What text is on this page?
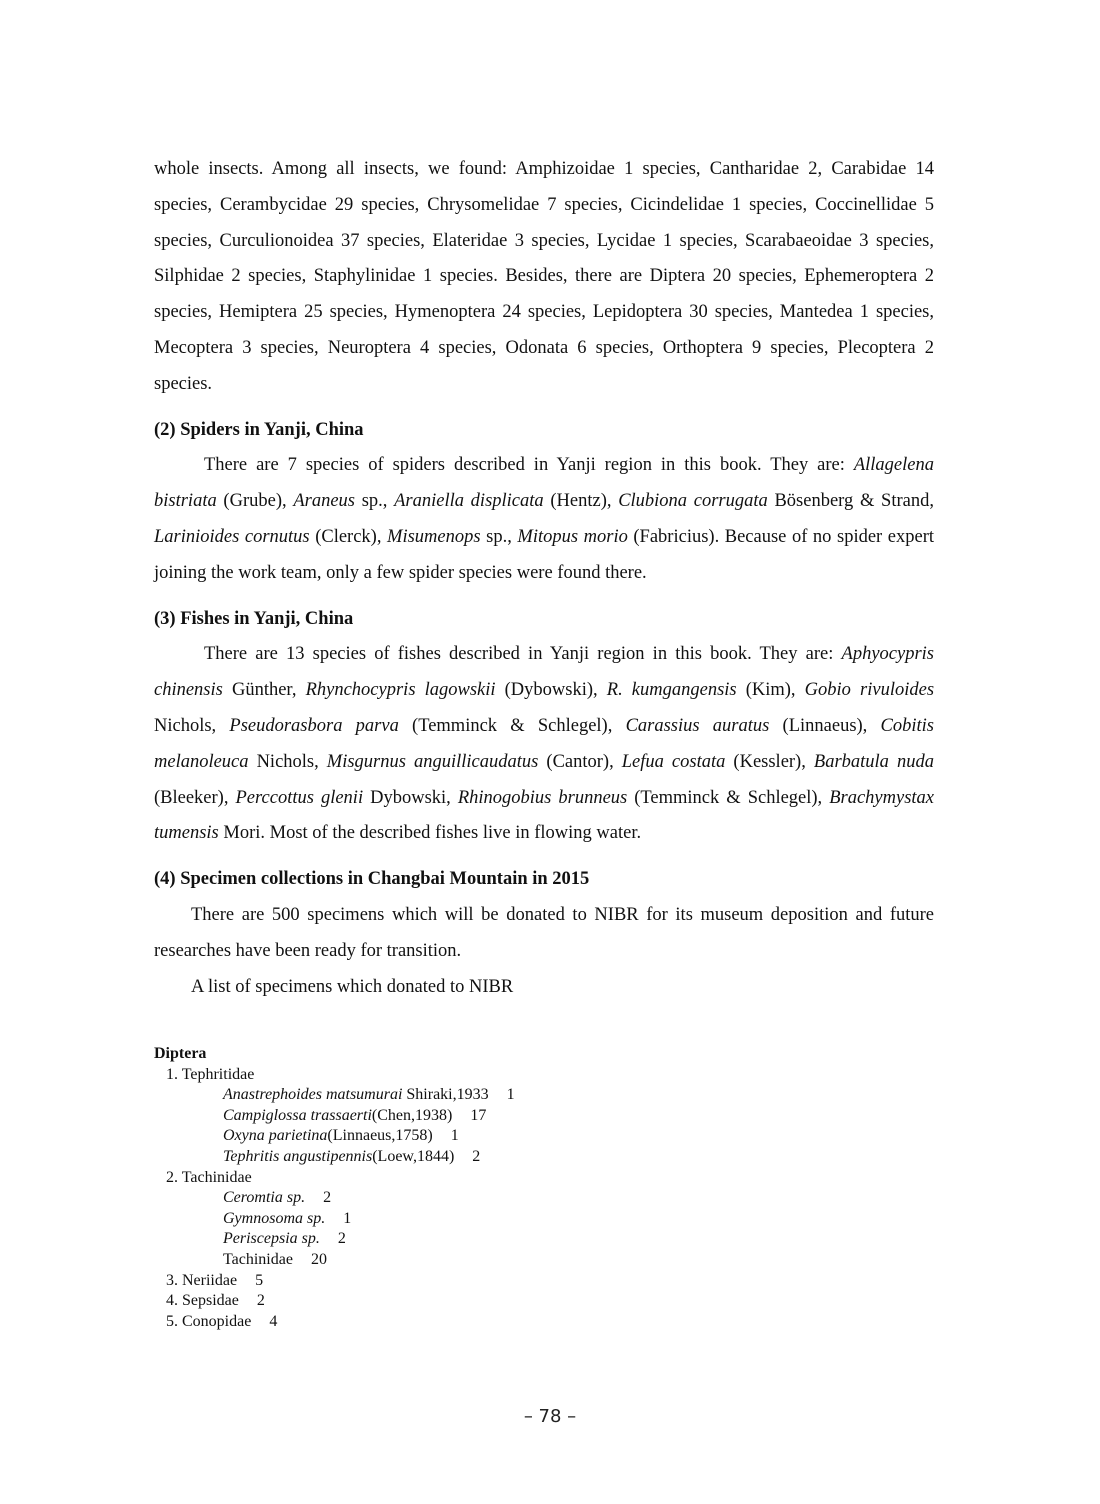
whole insects. Among all insects, we found: Amphizoidae 1 species, Cantharidae 2, Carabidae 14 species, Cerambycidae 29 species, Chrysomelidae 7 species, Cicindelidae 1 species, Coccinellidae 5 species, Curculionoidea 37 species, Elateridae 3 species, Lycidae 1 species, Scarabaeoidae 3 species, Silphidae 2 species, Staphylinidae 1 species. Besides, there are Diptera 20 species, Ephemeroptera 2 species, Hemiptera 25 species, Hymenoptera 24 species, Lepidoptera 30 species, Mantedea 1 species, Mecoptera 3 species, Neuroptera 4 species, Odonata 6 species, Orthoptera 9 species, Plecoptera 2 species.

(2) Spiders in Yanji, China

There are 7 species of spiders described in Yanji region in this book. They are: Allagelena bistriata (Grube), Araneus sp., Araniella displicata (Hentz), Clubiona corrugata Bösenberg & Strand, Larinioides cornutus (Clerck), Misumenops sp., Mitopus morio (Fabricius). Because of no spider expert joining the work team, only a few spider species were found there.

(3) Fishes in Yanji, China

There are 13 species of fishes described in Yanji region in this book. They are: Aphyocypris chinensis Günther, Rhynchocypris lagowskii (Dybowski), R. kumgangensis (Kim), Gobio rivuloides Nichols, Pseudorasbora parva (Temminck & Schlegel), Carassius auratus (Linnaeus), Cobitis melanoleuca Nichols, Misgurnus anguillicaudatus (Cantor), Lefua costata (Kessler), Barbatula nuda (Bleeker), Perccottus glenii Dybowski, Rhinogobius brunneus (Temminck & Schlegel), Brachymystax tumensis Mori. Most of the described fishes live in flowing water.

(4) Specimen collections in Changbai Mountain in 2015

There are 500 specimens which will be donated to NIBR for its museum deposition and future researches have been ready for transition.

A list of specimens which donated to NIBR

Diptera
1. Tephritidae
Anastrephoides matsumurai Shiraki,1933 1
Campiglossa trassaerti(Chen,1938) 17
Oxyna parietina(Linnaeus,1758) 1
Tephritis angustipennis(Loew,1844) 2
2. Tachinidae
Ceromtia sp. 2
Gymnosoma sp. 1
Periscepsia sp. 2
Tachinidae 20
3. Neriidae 5
4. Sepsidae 2
5. Conopidae 4
– 78 –
